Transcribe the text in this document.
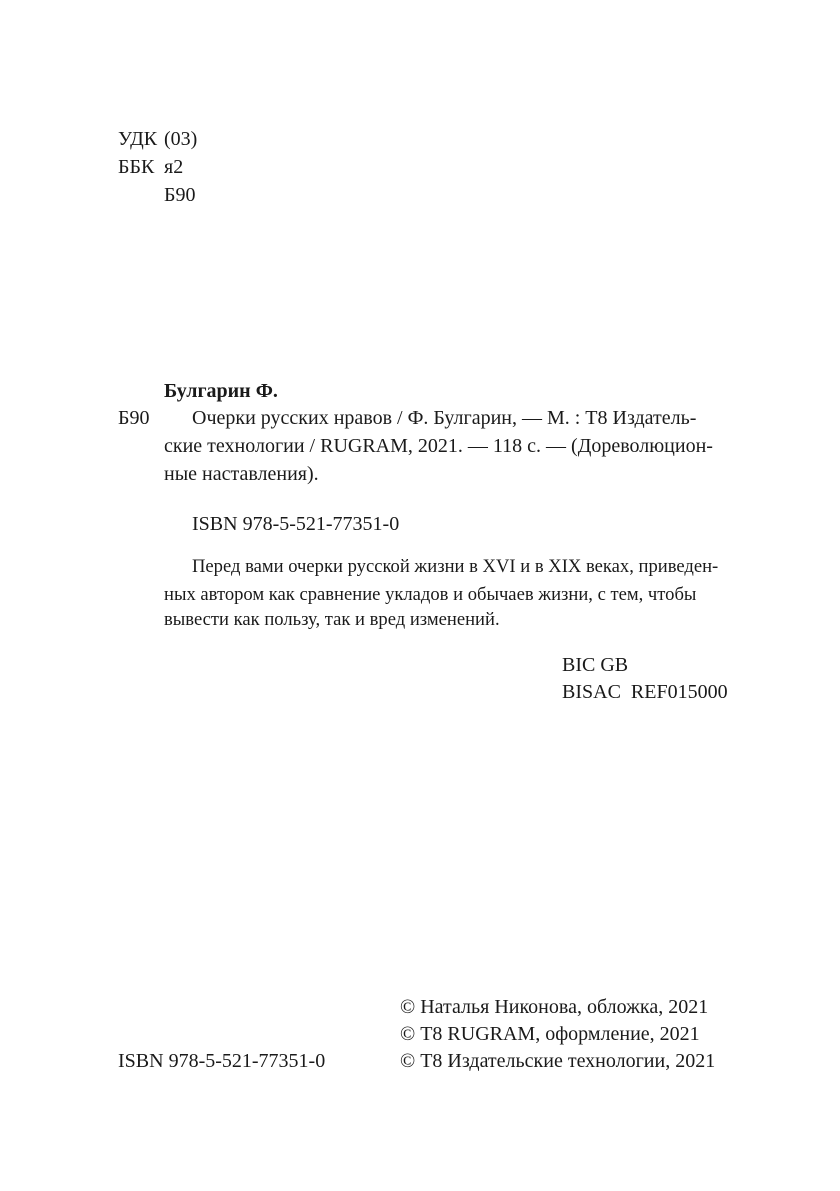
УДК (03)
ББК я2
Б90
Булгарин Ф.
Б90 Очерки русских нравов / Ф. Булгарин, — М. : Т8 Издатель-
ские технологии / RUGRAM, 2021. — 118 с. — (Дореволюцион-
ные наставления).
ISBN 978-5-521-77351-0
Перед вами очерки русской жизни в XVI и в XIX веках, приведен-
ных автором как сравнение укладов и обычаев жизни, с тем, чтобы
вывести как пользу, так и вред изменений.
BIC GB
BISAC  REF015000
© Наталья Никонова, обложка, 2021
© Т8 RUGRAM, оформление, 2021
ISBN 978-5-521-77351-0	© Т8 Издательские технологии, 2021
